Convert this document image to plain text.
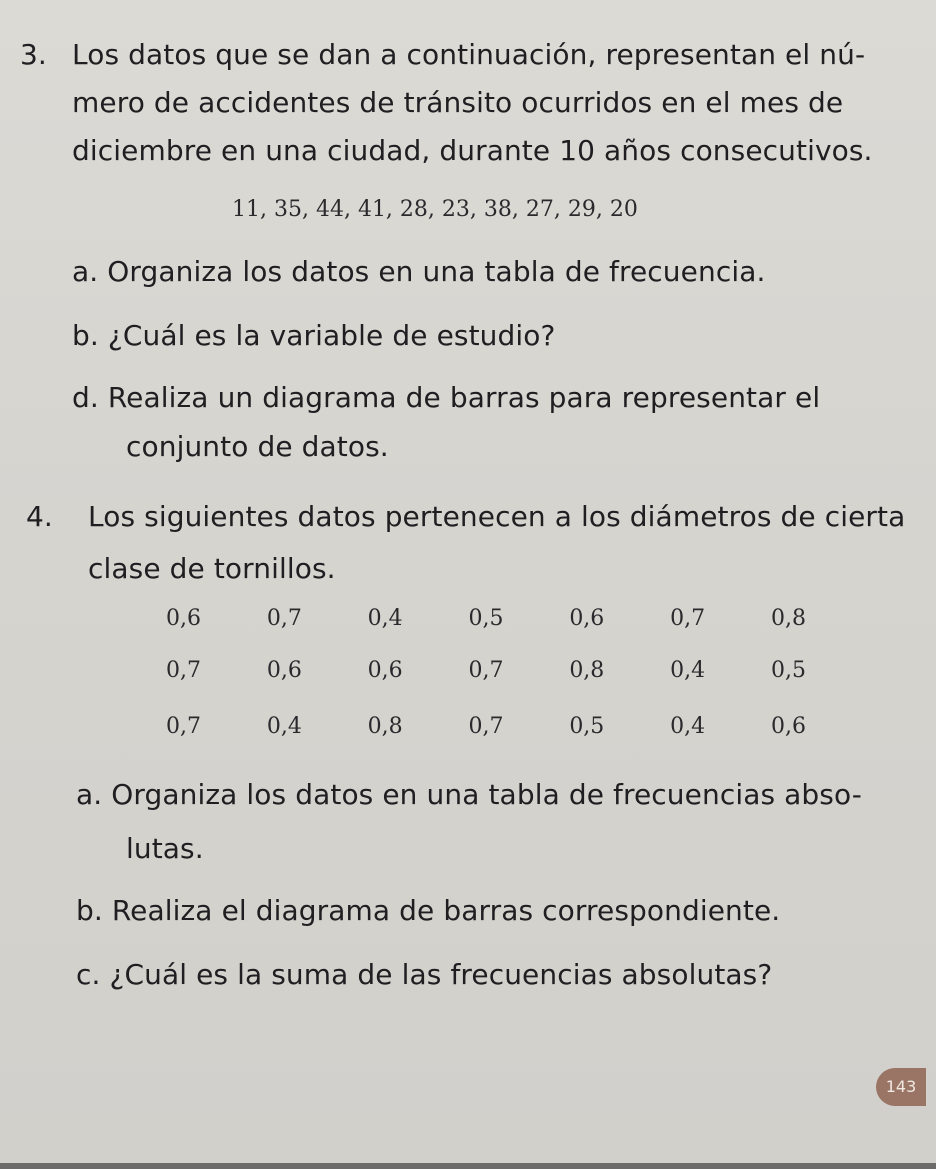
3. Los datos que se dan a continuación, representan el nú-
mero de accidentes de tránsito ocurridos en el mes de
diciembre en una ciudad, durante 10 años consecutivos.
11, 35, 44, 41, 28, 23, 38, 27, 29, 20
a. Organiza los datos en una tabla de frecuencia.
b. ¿Cuál es la variable de estudio?
d. Realiza un diagrama de barras para representar el
conjunto de datos.
4. Los siguientes datos pertenecen a los diámetros de cierta
clase de tornillos.
0,6	0,7	0,4	0,5	0,6	0,7	0,8
0,7	0,6	0,6	0,7	0,8	0,4	0,5
0,7	0,4	0,8	0,7	0,5	0,4	0,6
a. Organiza los datos en una tabla de frecuencias abso-
lutas.
b. Realiza el diagrama de barras correspondiente.
c. ¿Cuál es la suma de las frecuencias absolutas?
143
